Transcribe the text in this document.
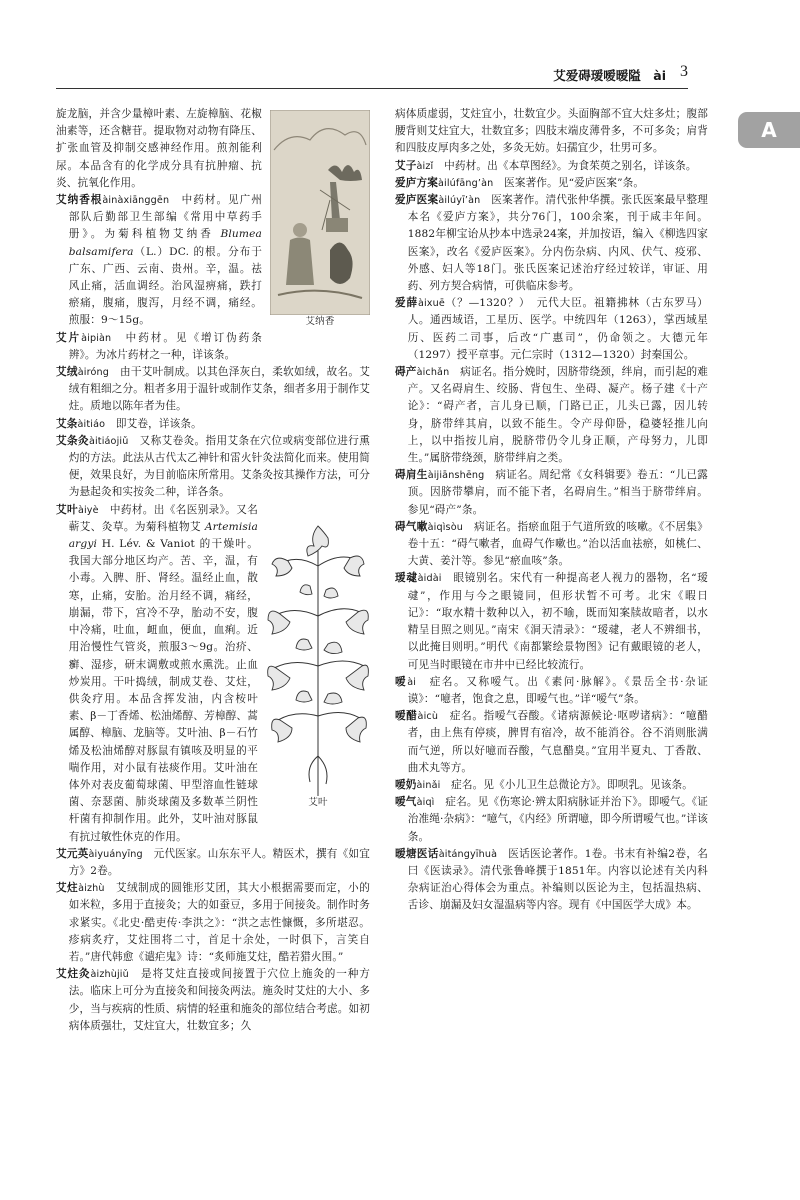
艾爱碍瑷嗳暧隘　ài 3
A
艾纳香

旋龙脑，并含少量樟叶素、左旋樟脑、花椒油素等，还含糖苷。提取物对动物有降压、扩张血管及抑制交感神经作用。煎剂能利尿。本品含有的化学成分具有抗肿瘤、抗炎、抗氧化作用。

艾纳香根àinàxiānggēn　中药材。见广州部队后勤部卫生部编《常用中草药手册》。为菊科植物艾纳香 Blumea balsamifera（L.）DC. 的根。分布于广东、广西、云南、贵州。辛，温。祛风止痛，活血调经。治风湿痹痛，跌打瘀痛，腹痛，腹泻，月经不调，痛经。煎服：9～15g。

艾片àipiàn　中药材。见《增订伪药条辨》。为冰片药材之一种，详该条。

艾绒àiróng　由干艾叶制成。以其色泽灰白，柔软如绒，故名。艾绒有粗细之分。粗者多用于温针或制作艾条，细者多用于制作艾炷。质地以陈年者为佳。

艾条àitiáo　即艾卷，详该条。

艾条灸àitiáojiǔ　又称艾卷灸。指用艾条在穴位或病变部位进行熏灼的方法。此法从古代太乙神针和雷火针灸法简化而来。使用简便，效果良好，为目前临床所常用。艾条灸按其操作方法，可分为悬起灸和实按灸二种，详各条。

艾叶

艾叶àiyè　中药材。出《名医别录》。又名蕲艾、灸草。为菊科植物艾 Artemisia argyi H. Lév. & Vaniot 的干燥叶。我国大部分地区均产。苦、辛，温，有小毒。入脾、肝、肾经。温经止血，散寒，止痛，安胎。治月经不调，痛经，崩漏，带下，宫冷不孕，胎动不安，腹中冷痛，吐血，衄血，便血，血痢。近用治慢性气管炎，煎服3～9g。治疥、癣、湿疹，研末调敷或煎水熏洗。止血炒炭用。干叶捣绒，制成艾卷、艾炷，供灸疗用。本品含挥发油，内含桉叶素、β－丁香烯、松油烯醇、芳樟醇、蒿属醇、樟脑、龙脑等。艾叶油、β－石竹烯及松油烯醇对豚鼠有镇咳及明显的平喘作用，对小鼠有祛痰作用。艾叶油在体外对表皮葡萄球菌、甲型溶血性链球菌、奈瑟菌、肺炎球菌及多数革兰阴性杆菌有抑制作用。此外，艾叶油对豚鼠有抗过敏性休克的作用。

艾元英àiyuányīng　元代医家。山东东平人。精医术，撰有《如宜方》2卷。

艾炷àizhù　艾绒制成的圆锥形艾团，其大小根据需要而定，小的如米粒，多用于直接灸；大的如蚕豆，多用于间接灸。制作时务求紧实。《北史·酷吏传·李洪之》：“洪之志性慷慨，多所堪忍。疹病炙疗，艾炷围将二寸，首足十余处，一时俱下，言笑自若。”唐代韩愈《谴疟鬼》诗：“炙师施艾炷，酷若猎火围。”

艾炷灸àizhùjiǔ　是将艾炷直接或间接置于穴位上施灸的一种方法。临床上可分为直接灸和间接灸两法。施灸时艾炷的大小、多少，当与疾病的性质、病情的轻重和施灸的部位结合考虑。如初病体质强壮，艾炷宜大，壮数宜多；久

病体质虚弱，艾炷宜小，壮数宜少。头面胸部不宜大炷多灶；腹部腰背则艾炷宜大，壮数宜多；四肢末端皮薄骨多，不可多灸；肩背和四肢皮厚肉多之处，多灸无妨。妇孺宜少，壮男可多。

艾子àizǐ　中药材。出《本草图经》。为食茱萸之别名，详该条。

爱庐方案àilúfāng’àn　医案著作。见“爱庐医案”条。

爱庐医案àilúyī’àn　医案著作。清代张仲华撰。张氏医案最早整理本名《爱庐方案》，共分76门，100余案，刊于咸丰年间。1882年柳宝诒从抄本中选录24案，并加按语，编入《柳选四家医案》，改名《爱庐医案》。分内伤杂病、内风、伏气、疫邪、外感、妇人等18门。张氏医案记述治疗经过较详，审证、用药、列方契合病情，可供临床参考。

爱薛àixuē（？—1320？）　元代大臣。祖籍拂林（古东罗马）人。通西域语，工星历、医学。中统四年（1263），掌西域星历、医药二司事，后改“广惠司”，仍命领之。大德元年（1297）授平章事。元仁宗时（1312—1320）封秦国公。

碍产àichǎn　病证名。指分娩时，因脐带绕颈，绊肩，而引起的难产。又名碍肩生、绞肠、背包生、坐碍、凝产。杨子建《十产论》：“碍产者，言儿身已顺，门路已正，儿头已露，因儿转身，脐带绊其肩，以致不能生。令产母仰卧，稳婆轻推儿向上，以中指按儿肩，脱脐带仍令儿身正顺，产母努力，儿即生。”属脐带绕颈，脐带绊肩之类。

碍肩生àijiānshēng　病证名。周纪常《女科辑要》卷五：“儿已露顶。因脐带攀肩，而不能下者，名碍肩生。”相当于脐带绊肩。参见“碍产”条。

碍气嗽àiqìsòu　病证名。指瘀血阻于气道所致的咳嗽。《不居集》卷十五：“碍气嗽者，血碍气作嗽也。”治以活血祛瘀，如桃仁、大黄、姜汁等。参见“瘀血咳”条。

瑷叇àidài　眼镜别名。宋代有一种提高老人视力的器物，名“瑷叇”，作用与今之眼镜同，但形状暂不可考。北宋《暇日记》：“取水精十数种以入，初不喻，既而知案牍故暗者，以水精呈目照之则见。”南宋《洞天清录》：“瑷叇，老人不辨细书，以此掩目则明。”明代《南都繁绘景物图》记有戴眼镜的老人，可见当时眼镜在市井中已经比较流行。

嗳ài　症名。又称嗳气。出《素问·脉解》。《景岳全书·杂证谟》：“噫者，饱食之息，即嗳气也。”详“嗳气”条。

嗳醋àicù　症名。指嗳气吞酸。《诸病源候论·呕哕诸病》：“噫醋者，由上焦有停痰，脾胃有宿冷，故不能消谷。谷不消则胀满而气逆，所以好噫而吞酸，气息醋臭。”宜用半夏丸、丁香散、曲术丸等方。

嗳奶àinǎi　症名。见《小儿卫生总微论方》。即呗乳。见该条。

嗳气àiqì　症名。见《伤寒论·辨太阳病脉证并治下》。即嗳气。《证治准绳·杂病》：“噫气，《内经》所谓噫，即今所谓嗳气也。”详该条。

暧塘医话àitángyīhuà　医话医论著作。1卷。书末有补编2卷，名曰《医读录》。清代张鲁峰撰于1851年。内容以论述有关内科杂病证治心得体会为重点。补编则以医论为主，包括温热病、舌诊、崩漏及妇女湿温病等内容。现有《中国医学大成》本。
